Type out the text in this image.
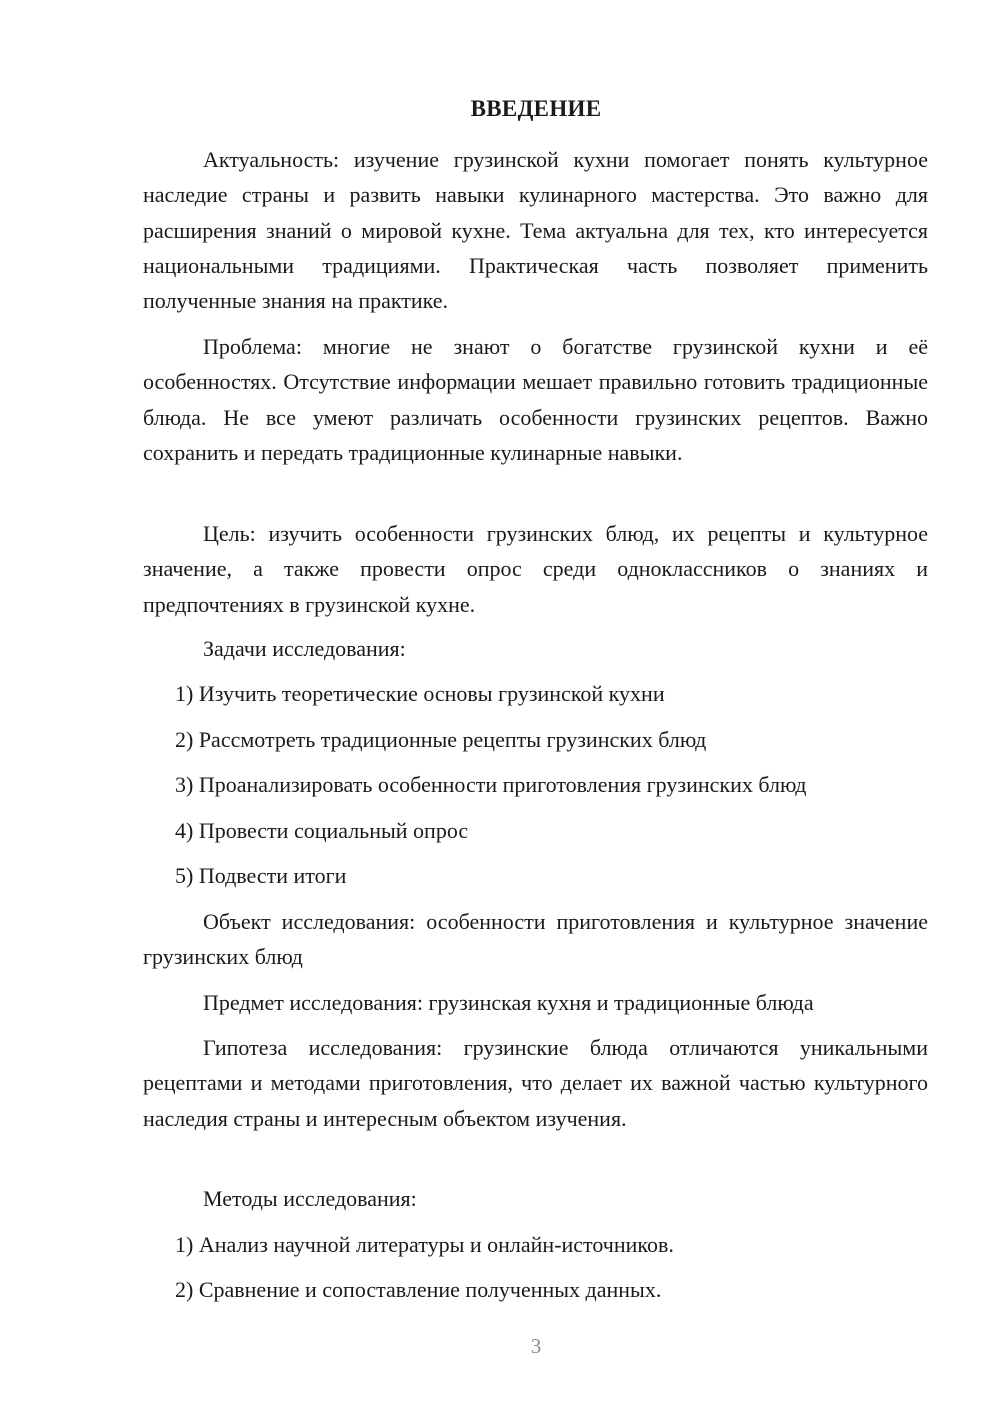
ВВЕДЕНИЕ

Актуальность: изучение грузинской кухни помогает понять культурное наследие страны и развить навыки кулинарного мастерства. Это важно для расширения знаний о мировой кухне. Тема актуальна для тех, кто интересуется национальными традициями. Практическая часть позволяет применить полученные знания на практике.

Проблема: многие не знают о богатстве грузинской кухни и её особенностях. Отсутствие информации мешает правильно готовить традиционные блюда. Не все умеют различать особенности грузинских рецептов. Важно сохранить и передать традиционные кулинарные навыки.

Цель: изучить особенности грузинских блюд, их рецепты и культурное значение, а также провести опрос среди одноклассников о знаниях и предпочтениях в грузинской кухне.

Задачи исследования:

1) Изучить теоретические основы грузинской кухни

2) Рассмотреть традиционные рецепты грузинских блюд

3) Проанализировать особенности приготовления грузинских блюд

4) Провести социальный опрос

5) Подвести итоги

Объект исследования: особенности приготовления и культурное значение грузинских блюд

Предмет исследования: грузинская кухня и традиционные блюда

Гипотеза исследования: грузинские блюда отличаются уникальными рецептами и методами приготовления, что делает их важной частью культурного наследия страны и интересным объектом изучения.

Методы исследования:

1) Анализ научной литературы и онлайн-источников.

2) Сравнение и сопоставление полученных данных.

3
